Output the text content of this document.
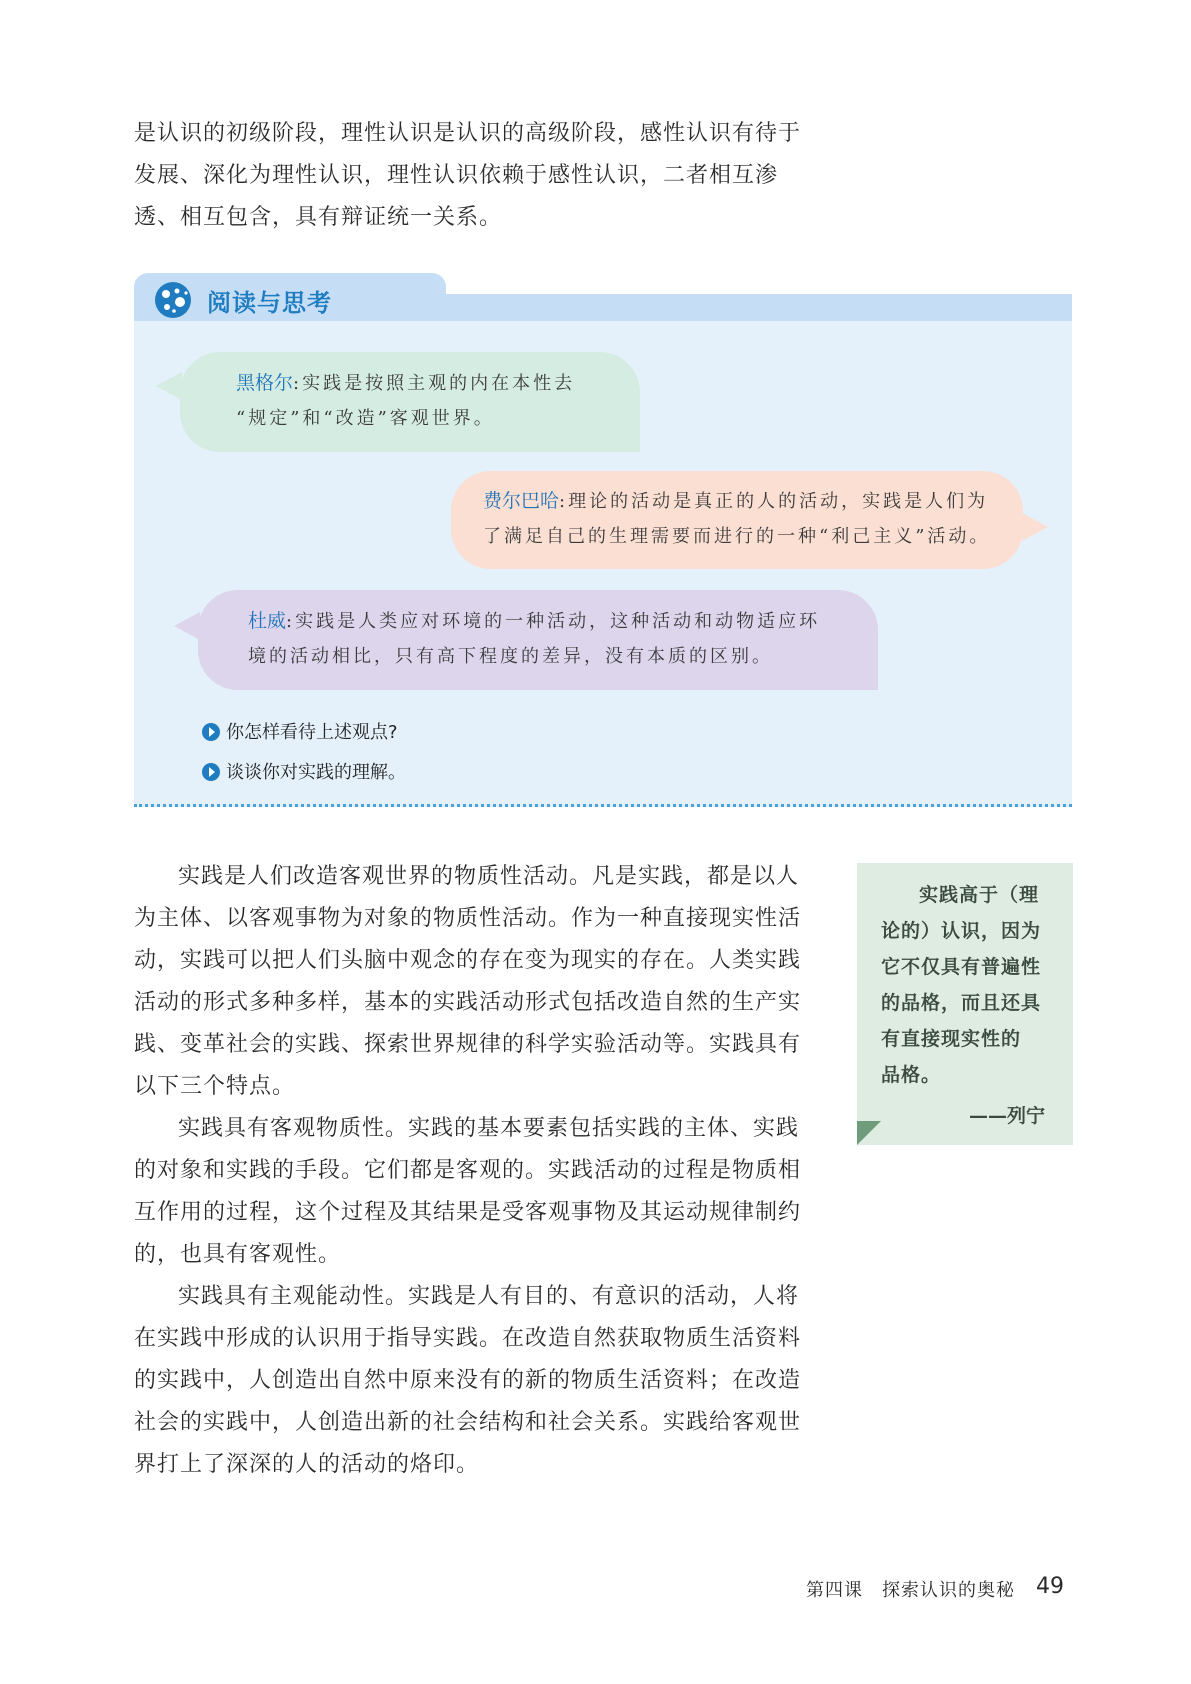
是认识的初级阶段，理性认识是认识的高级阶段，感性认识有待于

发展、深化为理性认识，理性认识依赖于感性认识，二者相互渗

透、相互包含，具有辩证统一关系。

阅读与思考
黑格尔:实践是按照主观的内在本性去
“规定”和“改造”客观世界。
费尔巴哈:理论的活动是真正的人的活动，实践是人们为
了满足自己的生理需要而进行的一种“利己主义”活动。
杜威:实践是人类应对环境的一种活动，这种活动和动物适应环
境的活动相比，只有高下程度的差异，没有本质的区别。
你怎样看待上述观点?
谈谈你对实践的理解。

实践是人们改造客观世界的物质性活动。凡是实践，都是以人

为主体、以客观事物为对象的物质性活动。作为一种直接现实性活

动，实践可以把人们头脑中观念的存在变为现实的存在。人类实践

活动的形式多种多样，基本的实践活动形式包括改造自然的生产实

践、变革社会的实践、探索世界规律的科学实验活动等。实践具有

以下三个特点。

实践具有客观物质性。实践的基本要素包括实践的主体、实践

的对象和实践的手段。它们都是客观的。实践活动的过程是物质相

互作用的过程，这个过程及其结果是受客观事物及其运动规律制约

的，也具有客观性。

实践具有主观能动性。实践是人有目的、有意识的活动，人将

在实践中形成的认识用于指导实践。在改造自然获取物质生活资料

的实践中，人创造出自然中原来没有的新的物质生活资料；在改造

社会的实践中，人创造出新的社会结构和社会关系。实践给客观世

界打上了深深的人的活动的烙印。

实践高于（理
论的）认识，因为
它不仅具有普遍性
的品格，而且还具
有直接现实性的
品格。
——列宁
第四课　探索认识的奥秘 49
